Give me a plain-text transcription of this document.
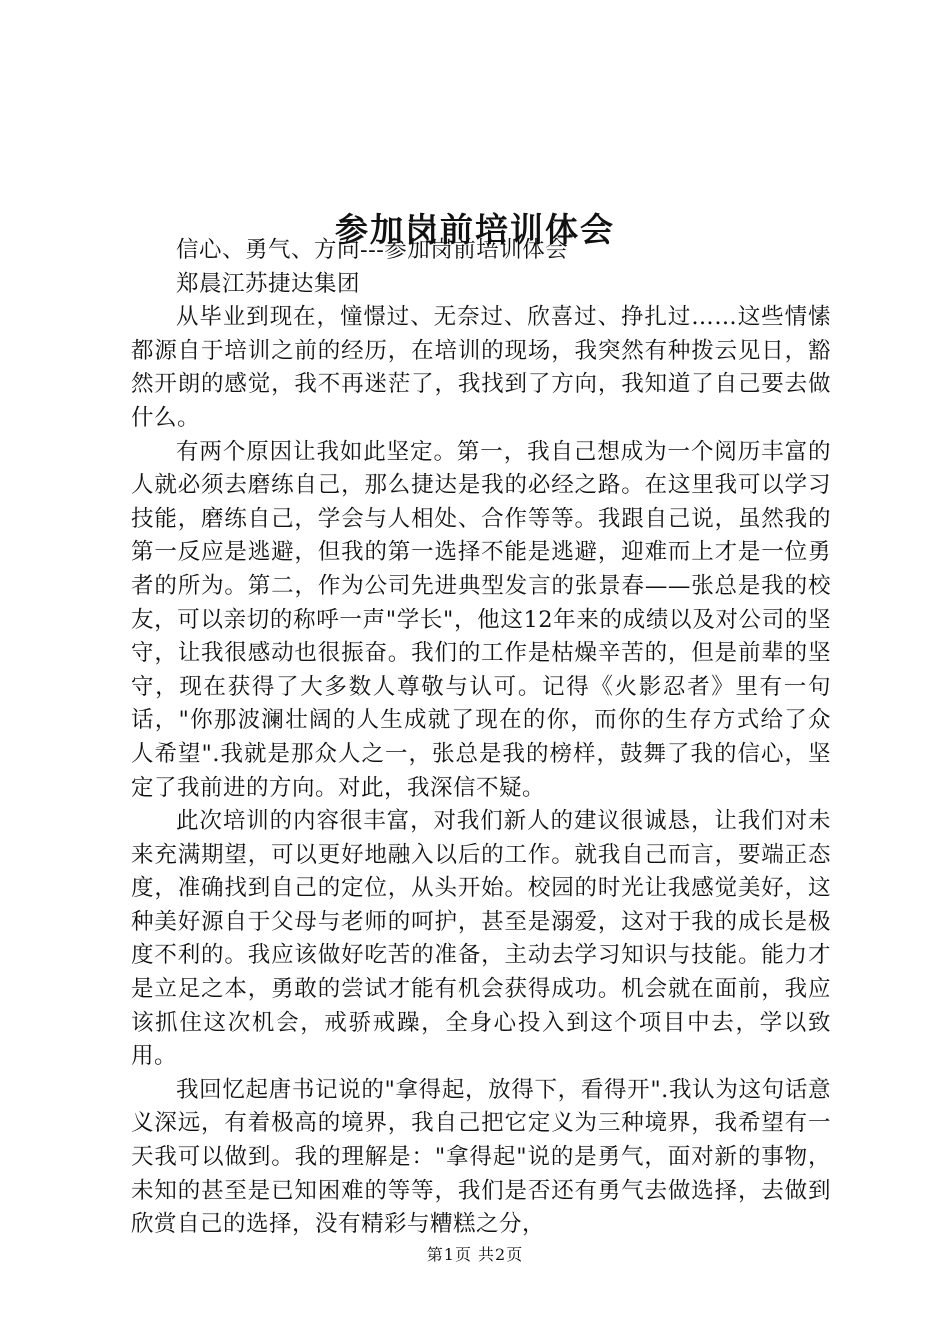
参加岗前培训体会

信心、勇气、方向---参加岗前培训体会

郑晨江苏捷达集团

从毕业到现在，憧憬过、无奈过、欣喜过、挣扎过……这些情愫都源自于培训之前的经历，在培训的现场，我突然有种拨云见日，豁然开朗的感觉，我不再迷茫了，我找到了方向，我知道了自己要去做什么。

有两个原因让我如此坚定。第一，我自己想成为一个阅历丰富的人就必须去磨练自己，那么捷达是我的必经之路。在这里我可以学习技能，磨练自己，学会与人相处、合作等等。我跟自己说，虽然我的第一反应是逃避，但我的第一选择不能是逃避，迎难而上才是一位勇者的所为。第二，作为公司先进典型发言的张景春——张总是我的校友，可以亲切的称呼一声"学长"，他这12年来的成绩以及对公司的坚守，让我很感动也很振奋。我们的工作是枯燥辛苦的，但是前辈的坚守，现在获得了大多数人尊敬与认可。记得《火影忍者》里有一句话，"你那波澜壮阔的人生成就了现在的你，而你的生存方式给了众人希望".我就是那众人之一，张总是我的榜样，鼓舞了我的信心，坚定了我前进的方向。对此，我深信不疑。

此次培训的内容很丰富，对我们新人的建议很诚恳，让我们对未来充满期望，可以更好地融入以后的工作。就我自己而言，要端正态度，准确找到自己的定位，从头开始。校园的时光让我感觉美好，这种美好源自于父母与老师的呵护，甚至是溺爱，这对于我的成长是极度不利的。我应该做好吃苦的准备，主动去学习知识与技能。能力才是立足之本，勇敢的尝试才能有机会获得成功。机会就在面前，我应该抓住这次机会，戒骄戒躁，全身心投入到这个项目中去，学以致用。

我回忆起唐书记说的"拿得起，放得下，看得开".我认为这句话意义深远，有着极高的境界，我自己把它定义为三种境界，我希望有一天我可以做到。我的理解是："拿得起"说的是勇气，面对新的事物，未知的甚至是已知困难的等等，我们是否还有勇气去做选择，去做到欣赏自己的选择，没有精彩与糟糕之分，

第1页 共2页
